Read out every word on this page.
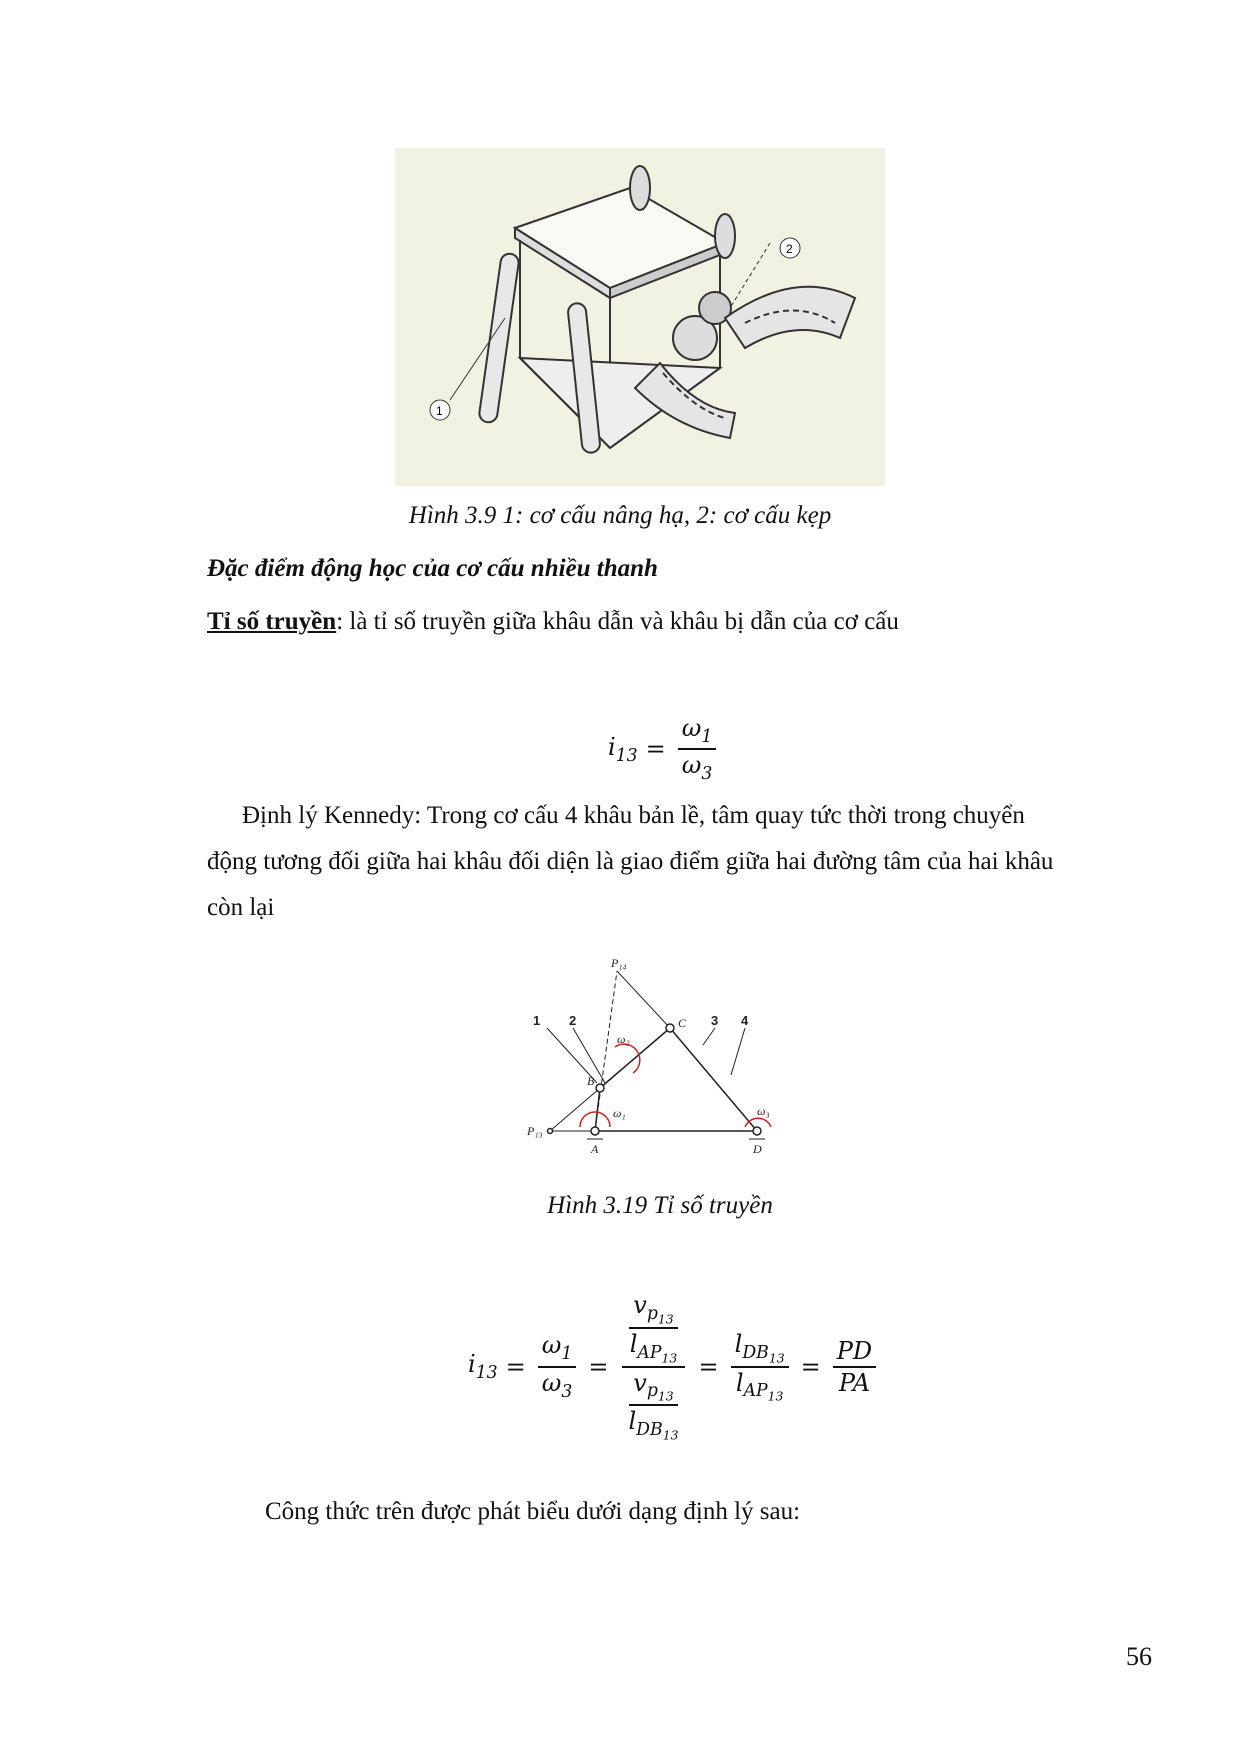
1
2
Hình 3.9 1: cơ cấu nâng hạ, 2: cơ cấu kẹp
Đặc điểm động học của cơ cấu nhiều thanh
Tỉ số truyền: là tỉ số truyền giữa khâu dẫn và khâu bị dẫn của cơ cấu
$i_{13} = \frac{\omega_1}{\omega_3}$
Định lý Kennedy: Trong cơ cấu 4 khâu bản lề, tâm quay tức thời trong chuyển
động tương đối giữa hai khâu đối diện là giao điểm giữa hai đường tâm của hai khâu
còn lại
P₁₄
P₁₃
A
B
C
D
ω₁
ω₂
ω₃
1 2	3 4
Hình 3.19 Tỉ số truyền
$i_{13} = \frac{\omega_1}{\omega_3} = \frac{\frac{v_{p_{13}}}{l_{AP_{13}}}}{\frac{v_{p_{13}}}{l_{DB_{13}}}} = \frac{l_{DB_{13}}}{l_{AP_{13}}} = \frac{PD}{PA}$
Công thức trên được phát biểu dưới dạng định lý sau:
56
